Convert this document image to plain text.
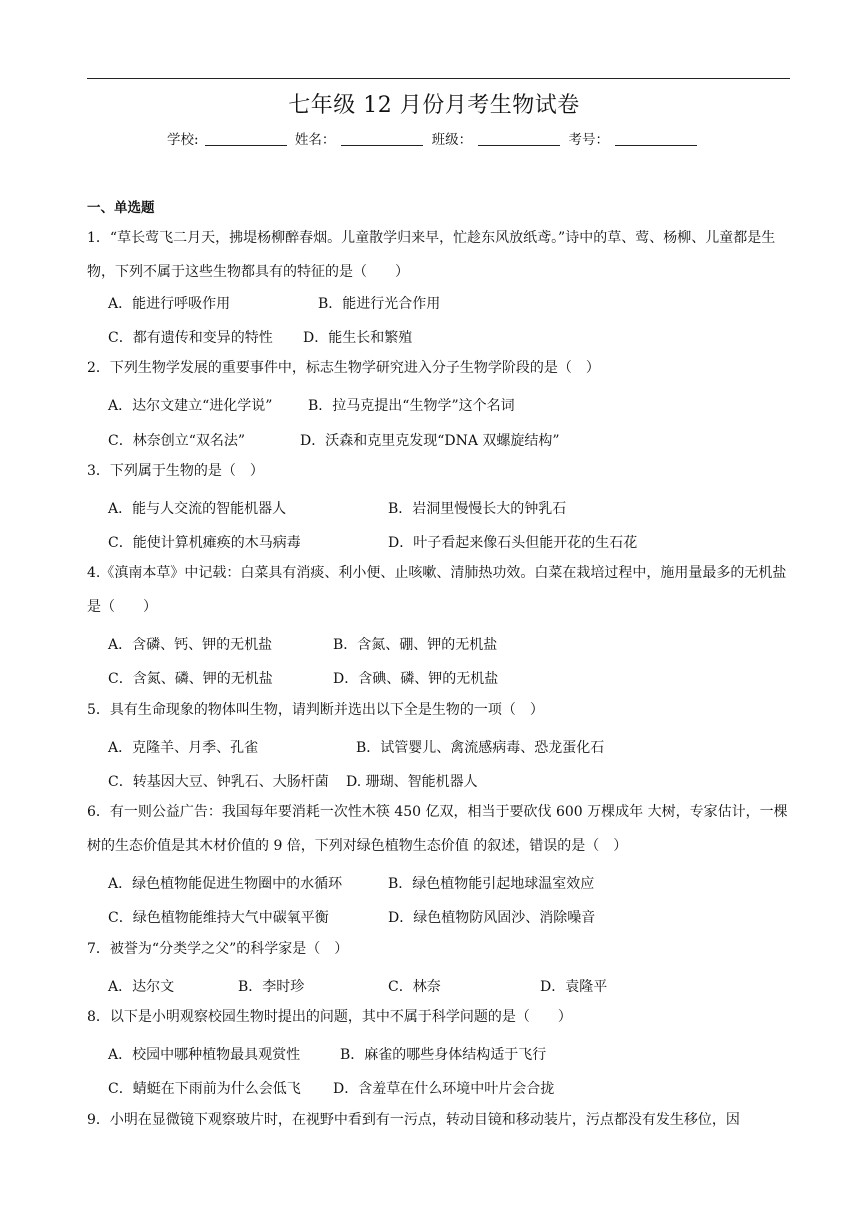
七年级 12 月份月考生物试卷
学校:	姓名：	班级：	考号：
一、单选题

1．“草长莺飞二月天，拂堤杨柳醉春烟。儿童散学归来早，忙趁东风放纸鸢。”诗中的草、莺、杨柳、儿童都是生物，下列不属于这些生物都具有的特征的是（　　）

A．能进行呼吸作用	B．能进行光合作用
C．都有遗传和变异的特性 D．能生长和繁殖

2．下列生物学发展的重要事件中，标志生物学研究进入分子生物学阶段的是（　）

A．达尔文建立“进化学说”	B．拉马克提出“生物学”这个名词
C．林奈创立“双名法”	D．沃森和克里克发现“DNA 双螺旋结构”

3．下列属于生物的是（　）

A．能与人交流的智能机器人	B．岩洞里慢慢长大的钟乳石
C．能使计算机瘫痪的木马病毒	D．叶子看起来像石头但能开花的生石花

4.《滇南本草》中记载：白菜具有消痰、利小便、止咳嗽、清肺热功效。白菜在栽培过程中，施用量最多的无机盐是（　　）

A．含磷、钙、钾的无机盐	B．含氮、硼、钾的无机盐
C．含氮、磷、钾的无机盐	D．含碘、磷、钾的无机盐

5．具有生命现象的物体叫生物，请判断并选出以下全是生物的一项（　）

A．克隆羊、月季、孔雀	B．试管婴儿、禽流感病毒、恐龙蛋化石
C．转基因大豆、钟乳石、大肠杆菌 D. 珊瑚、智能机器人

6．有一则公益广告：我国每年要消耗一次性木筷 450 亿双，相当于要砍伐 600 万棵成年 大树，专家估计，一棵树的生态价值是其木材价值的 9 倍，下列对绿色植物生态价值 的叙述，错误的是（　）

A．绿色植物能促进生物圈中的水循环	B．绿色植物能引起地球温室效应
C．绿色植物能维持大气中碳氧平衡	D．绿色植物防风固沙、消除噪音

7．被誉为“分类学之父”的科学家是（　）

A．达尔文	B．李时珍	C．林奈	D．袁隆平

8．以下是小明观察校园生物时提出的问题，其中不属于科学问题的是（　　）

A．校园中哪种植物最具观赏性	B．麻雀的哪些身体结构适于飞行
C．蜻蜓在下雨前为什么会低飞 D．含羞草在什么环境中叶片会合拢

9．小明在显微镜下观察玻片时，在视野中看到有一污点，转动目镜和移动装片，污点都没有发生移位，因
